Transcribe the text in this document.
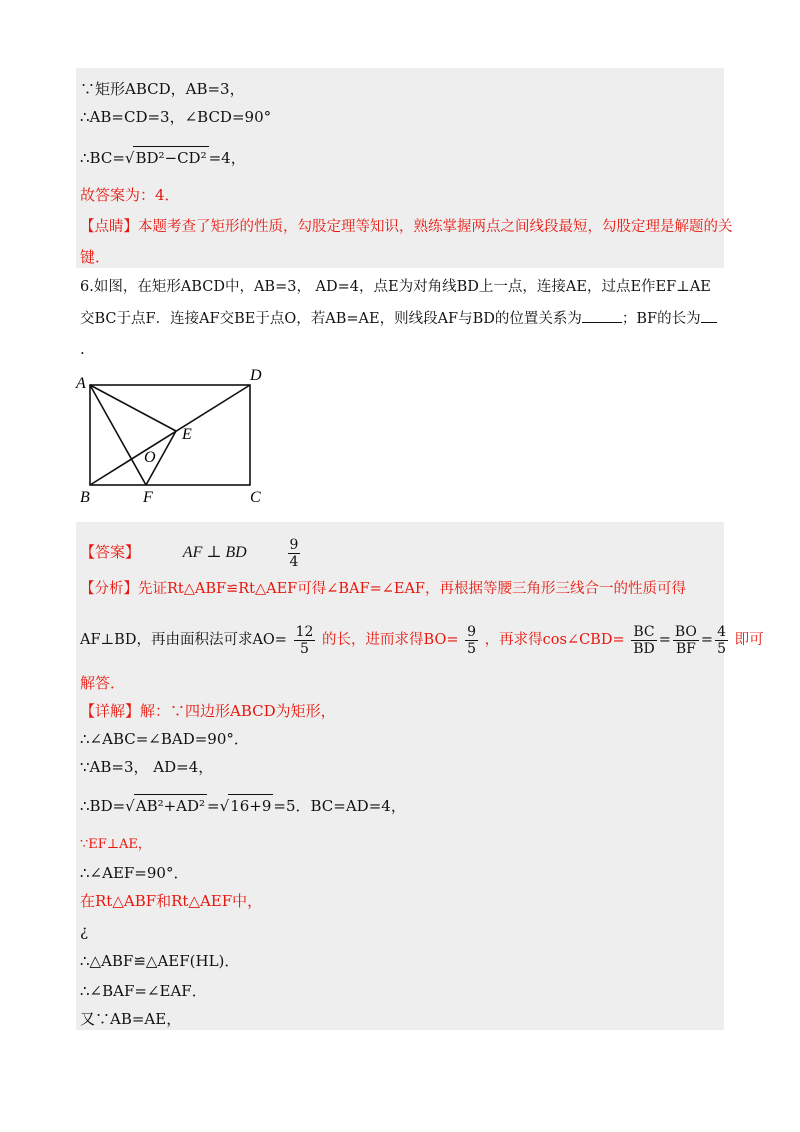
∵矩形ABCD，AB=3，
∴AB=CD=3，∠BCD=90°
∴BC=√BD²−CD² =4，
故答案为：4．
【点睛】本题考查了矩形的性质，勾股定理等知识，熟练掌握两点之间线段最短，勾股定理是解题的关
键．
6.如图，在矩形ABCD中，AB=3， AD=4，点E为对角线BD上一点，连接AE，过点E作EF⊥AE
交BC于点F．连接AF交BE于点O，若AB=AE，则线段AF与BD的位置关系为	；BF的长为
.
A	D
E
O
B	F	C
【答案】	AF ⊥ BD	$\frac{9}{4}$
【分析】先证Rt△ABF≌Rt△AEF可得∠BAF=∠EAF，再根据等腰三角形三线合一的性质可得
AF⊥BD，再由面积法可求$AO= \frac{12}{5}$ 的长，进而求得$BO= \frac{9}{5}$ ，再求得cos∠CBD= $\frac{BC}{BD} = \frac{BO}{BF} = \frac{4}{5}$ 即可
解答．
【详解】解：∵四边形ABCD为矩形，
∴∠ABC=∠BAD=90°．
∵AB=3， AD=4，
∴BD=√AB²+AD² =√16+9 =5．BC=AD=4，
∵EF⊥AE，
∴∠AEF=90°．
在Rt△ABF和Rt△AEF中，
¿
∴△ABF≌△AEF(HL)．
∴∠BAF=∠EAF．
又∵AB=AE，
